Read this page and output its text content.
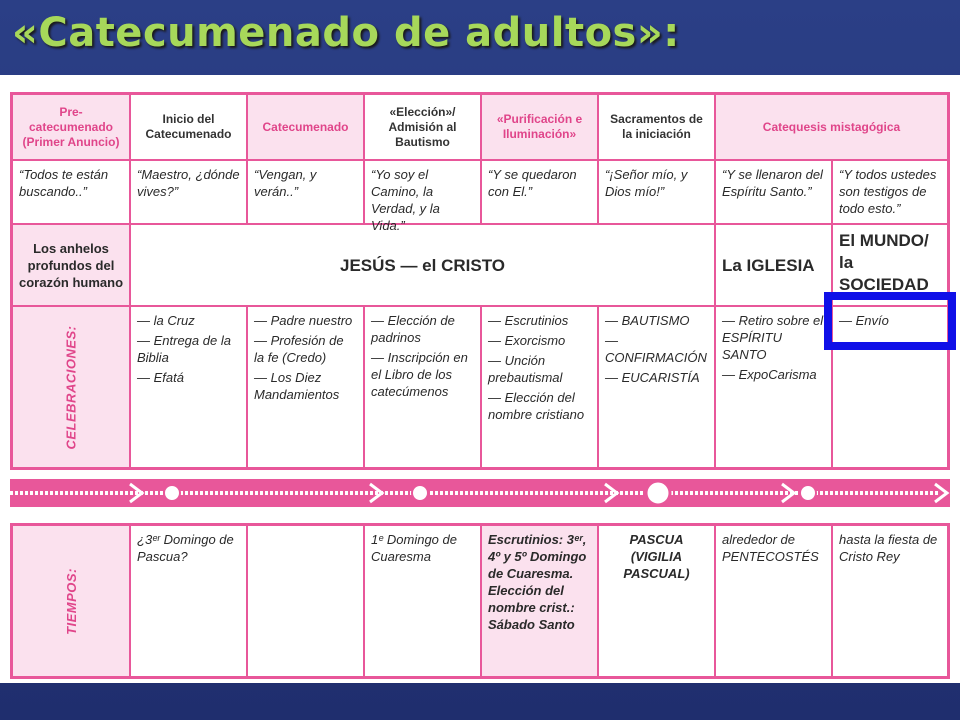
«Catecumenado de adultos»:
Pre-catecumenado (Primer Anuncio)
Inicio del Catecumenado
Catecumenado
«Elección»/ Admisión al Bautismo
«Purificación e Iluminación»
Sacramentos de la iniciación
Catequesis mistagógica
“Todos te están buscando..”
“Maestro, ¿dónde vives?”
“Vengan, y verán..”
“Yo soy el Camino, la Verdad, y la Vida.”
“Y se quedaron con El.”
“¡Señor mío, y Dios mío!”
“Y se llenaron del Espíritu Santo.”
“Y todos ustedes son testigos de todo esto.”
Los anhelos profundos del corazón humano
JESÚS — el CRISTO	La IGLESIA
El MUNDO/ la SOCIEDAD
CELEBRACIONES:
— la Cruz
— Entrega de la Biblia
— Efatá
— Padre nuestro
— Profesión de la fe (Credo)
— Los Diez Mandamientos
— Elección de padrinos
— Inscripción en el Libro de los catecúmenos
— Escrutinios
— Exorcismo
— Unción prebautismal
— Elección del nombre cristiano
— BAUTISMO
— CONFIRMACIÓN
— EUCARISTÍA
— Retiro sobre el ESPÍRITU SANTO
— ExpoCarisma
— Envío
TIEMPOS:
¿3ᵉʳ Domingo de Pascua?
1ᵉ Domingo de Cuaresma
Escrutinios: 3ᵉʳ, 4º y 5º Domingo de Cuaresma. Elección del nombre crist.: Sábado Santo
PASCUA (VIGILIA PASCUAL)
alrededor de PENTECOSTÉS
hasta la fiesta de Cristo Rey
